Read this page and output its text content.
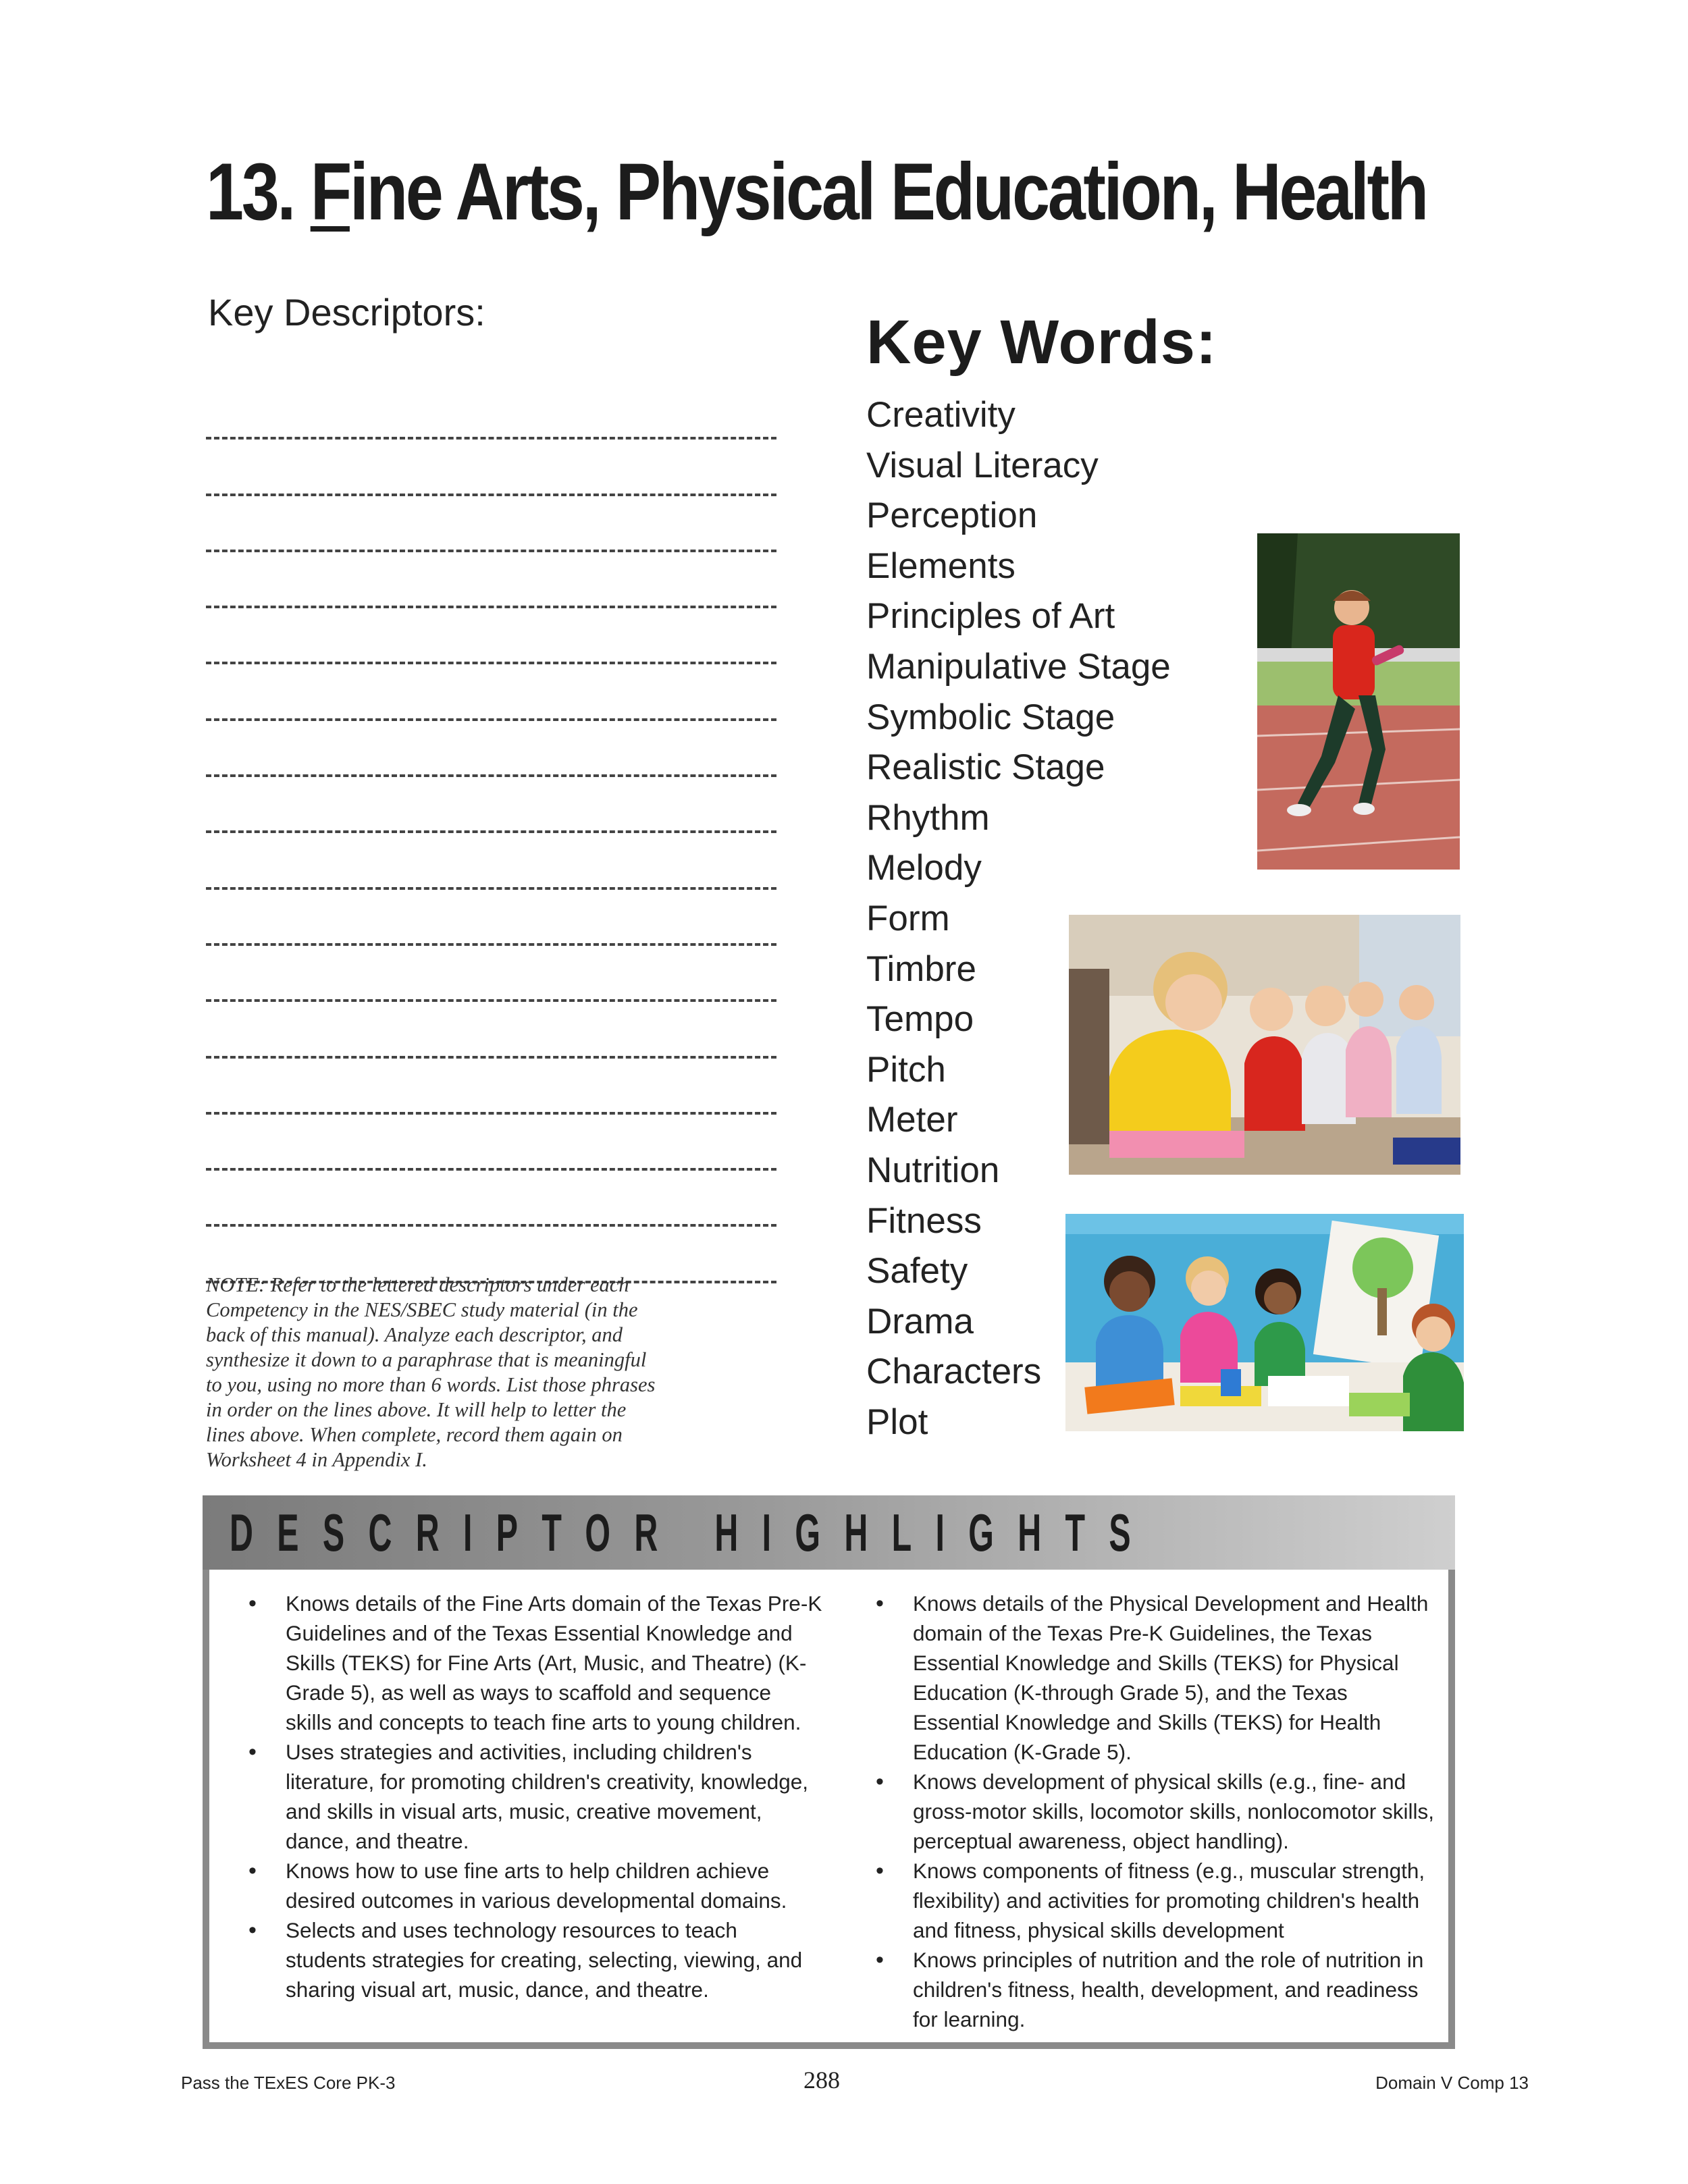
13. Fine Arts, Physical Education, Health
Key Descriptors:
NOTE: Refer to the lettered descriptors under each Competency in the NES/SBEC study material (in the back of this manual). Analyze each descriptor, and synthesize it down to a paraphrase that is meaningful to you, using no more than 6 words. List those phrases in order on the lines above. It will help to letter the lines above. When complete, record them again on Worksheet 4 in Appendix I.
Key Words:
Creativity
Visual Literacy
Perception
Elements
Principles of Art
Manipulative Stage
Symbolic Stage
Realistic Stage
Rhythm
Melody
Form
Timbre
Tempo
Pitch
Meter
Nutrition
Fitness
Safety
Drama
Characters
Plot
DESCRIPTOR HIGHLIGHTS
• Knows details of the Fine Arts domain of the Texas Pre-K Guidelines and of the Texas Essential Knowledge and Skills (TEKS) for Fine Arts (Art, Music, and Theatre) (K-Grade 5), as well as ways to scaffold and sequence skills and concepts to teach fine arts to young children.
• Uses strategies and activities, including children's literature, for promoting children's creativity, knowledge, and skills in visual arts, music, creative movement, dance, and theatre.
• Knows how to use fine arts to help children achieve desired outcomes in various developmental domains.
• Selects and uses technology resources to teach students strategies for creating, selecting, viewing, and sharing visual art, music, dance, and theatre.
• Knows details of the Physical Development and Health domain of the Texas Pre-K Guidelines, the Texas Essential Knowledge and Skills (TEKS) for Physical Education (K-through Grade 5), and the Texas Essential Knowledge and Skills (TEKS) for Health Education (K-Grade 5).
• Knows development of physical skills (e.g., fine- and gross-motor skills, locomotor skills, nonlocomotor skills, perceptual awareness, object handling).
• Knows components of fitness (e.g., muscular strength, flexibility) and activities for promoting children's health and fitness, physical skills development
• Knows principles of nutrition and the role of nutrition in children's fitness, health, development, and readiness for learning.
Pass the TExES Core PK-3	288	Domain V Comp 13
